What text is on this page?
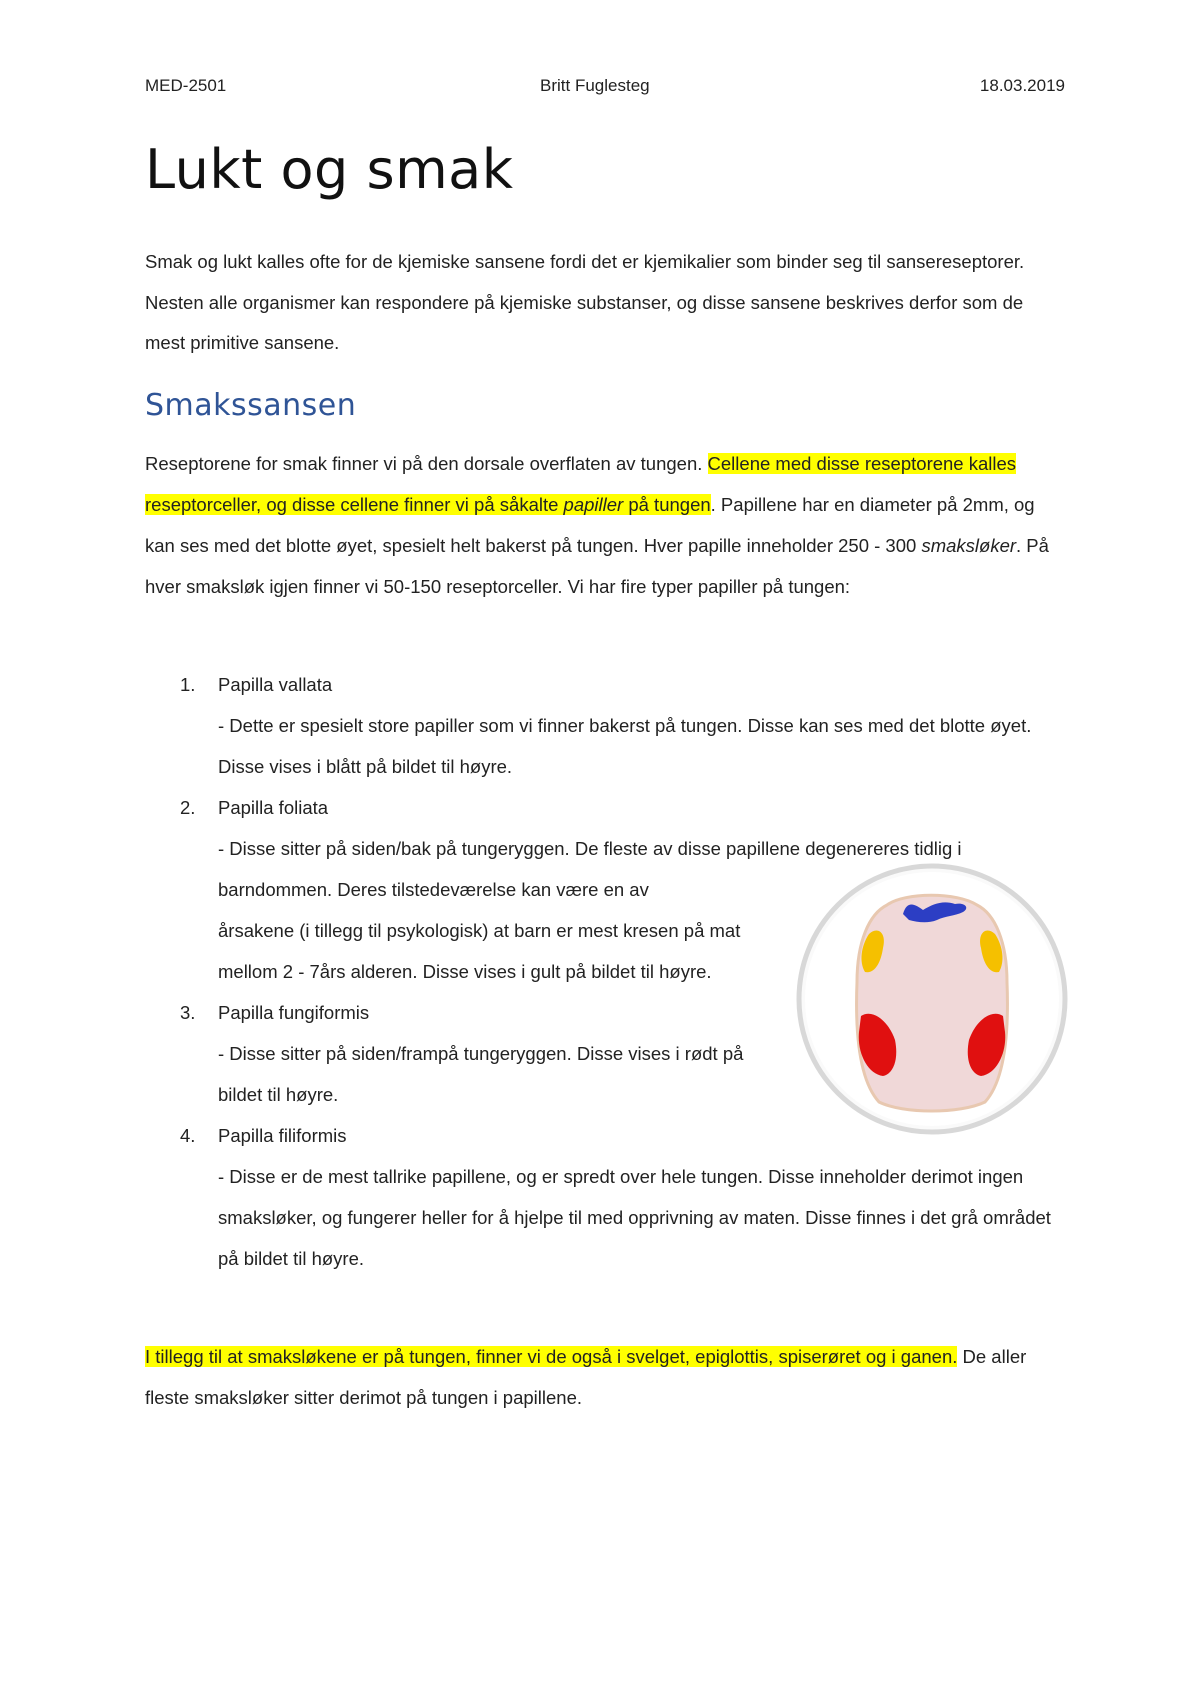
MED-2501	Britt Fuglesteg	18.03.2019
Lukt og smak

Smak og lukt kalles ofte for de kjemiske sansene fordi det er kjemikalier som binder seg til sansereseptorer. Nesten alle organismer kan respondere på kjemiske substanser, og disse sansene beskrives derfor som de mest primitive sansene.

Smakssansen

Reseptorene for smak finner vi på den dorsale overflaten av tungen. Cellene med disse reseptorene kalles reseptorceller, og disse cellene finner vi på såkalte papiller på tungen. Papillene har en diameter på 2mm, og kan ses med det blotte øyet, spesielt helt bakerst på tungen. Hver papille inneholder 250 - 300 smaksløker. På hver smaksløk igjen finner vi 50-150 reseptorceller. Vi har fire typer papiller på tungen:

1. Papilla vallata
- Dette er spesielt store papiller som vi finner bakerst på tungen. Disse kan ses med det blotte øyet. Disse vises i blått på bildet til høyre.
2. Papilla foliata
- Disse sitter på siden/bak på tungeryggen. De fleste av disse papillene degenereres tidlig i barndommen. Deres tilstedeværelse kan være en av
årsakene (i tillegg til psykologisk) at barn er mest kresen på mat mellom 2 - 7års alderen. Disse vises i gult på bildet til høyre.
3. Papilla fungiformis
- Disse sitter på siden/frampå tungeryggen. Disse vises i rødt på bildet til høyre.
4. Papilla filiformis
- Disse er de mest tallrike papillene, og er spredt over hele tungen. Disse inneholder derimot ingen smaksløker, og fungerer heller for å hjelpe til med opprivning av maten. Disse finnes i det grå området på bildet til høyre.

I tillegg til at smaksløkene er på tungen, finner vi de også i svelget, epiglottis, spiserøret og i ganen. De aller fleste smaksløker sitter derimot på tungen i papillene.
